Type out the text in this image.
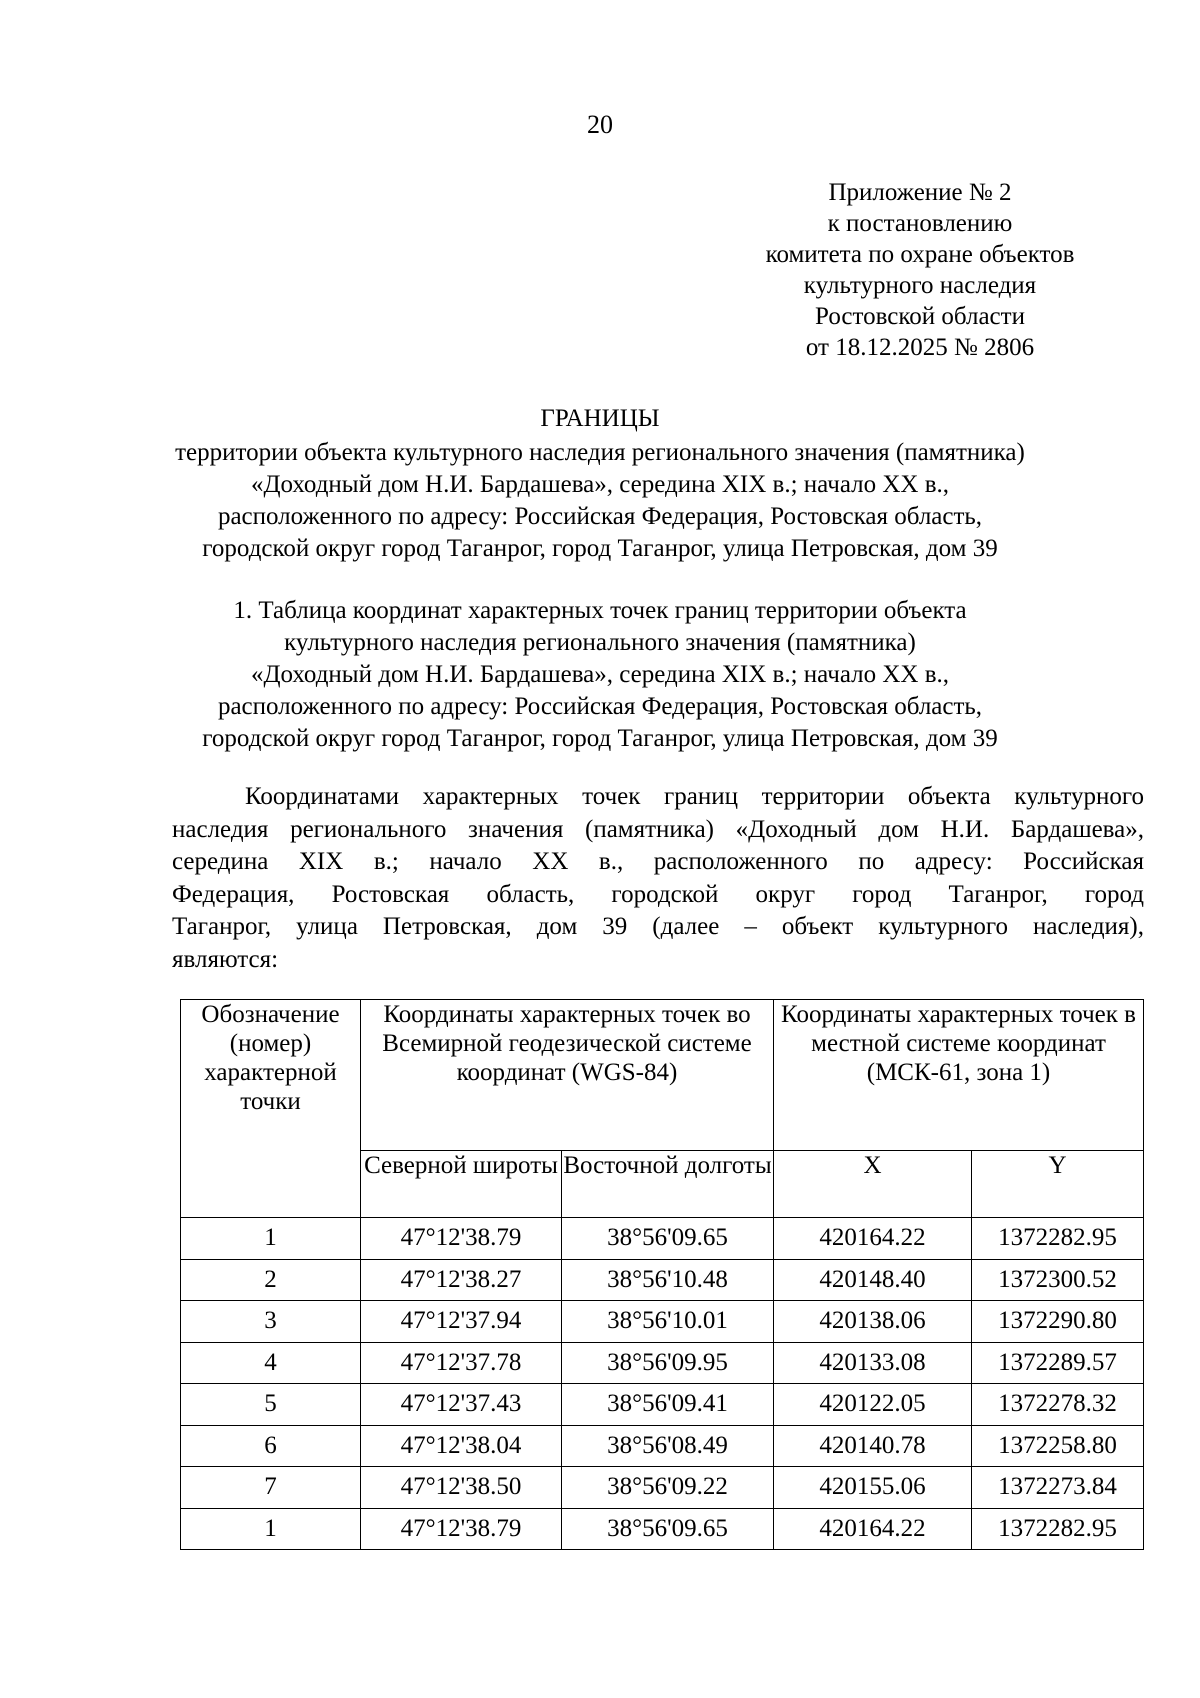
20
Приложение № 2
к постановлению
комитета по охране объектов
культурного наследия
Ростовской области
от 18.12.2025 № 2806
ГРАНИЦЫ
территории объекта культурного наследия регионального значения (памятника)
«Доходный дом Н.И. Бардашева», середина XIX в.; начало XX в.,
расположенного по адресу: Российская Федерация, Ростовская область,
городской округ город Таганрог, город Таганрог, улица Петровская, дом 39
1. Таблица координат характерных точек границ территории объекта
культурного наследия регионального значения (памятника)
«Доходный дом Н.И. Бардашева», середина XIX в.; начало XX в.,
расположенного по адресу: Российская Федерация, Ростовская область,
городской округ город Таганрог, город Таганрог, улица Петровская, дом 39
Координатами характерных точек границ территории объекта культурного
наследия регионального значения (памятника) «Доходный дом Н.И. Бардашева»,
середина XIX в.; начало XX в., расположенного по адресу: Российская
Федерация, Ростовская область, городской округ город Таганрог, город
Таганрог, улица Петровская, дом 39 (далее – объект культурного наследия),
являются:
Обозначение (номер) характерной точки	Координаты характерных точек во Всемирной геодезической системе координат (WGS-84)		Координаты характерных точек в местной системе координат (МСК-61, зона 1)	
	Северной широты	Восточной долготы	X	Y
1	47°12'38.79	38°56'09.65	420164.22	1372282.95
2	47°12'38.27	38°56'10.48	420148.40	1372300.52
3	47°12'37.94	38°56'10.01	420138.06	1372290.80
4	47°12'37.78	38°56'09.95	420133.08	1372289.57
5	47°12'37.43	38°56'09.41	420122.05	1372278.32
6	47°12'38.04	38°56'08.49	420140.78	1372258.80
7	47°12'38.50	38°56'09.22	420155.06	1372273.84
1	47°12'38.79	38°56'09.65	420164.22	1372282.95
